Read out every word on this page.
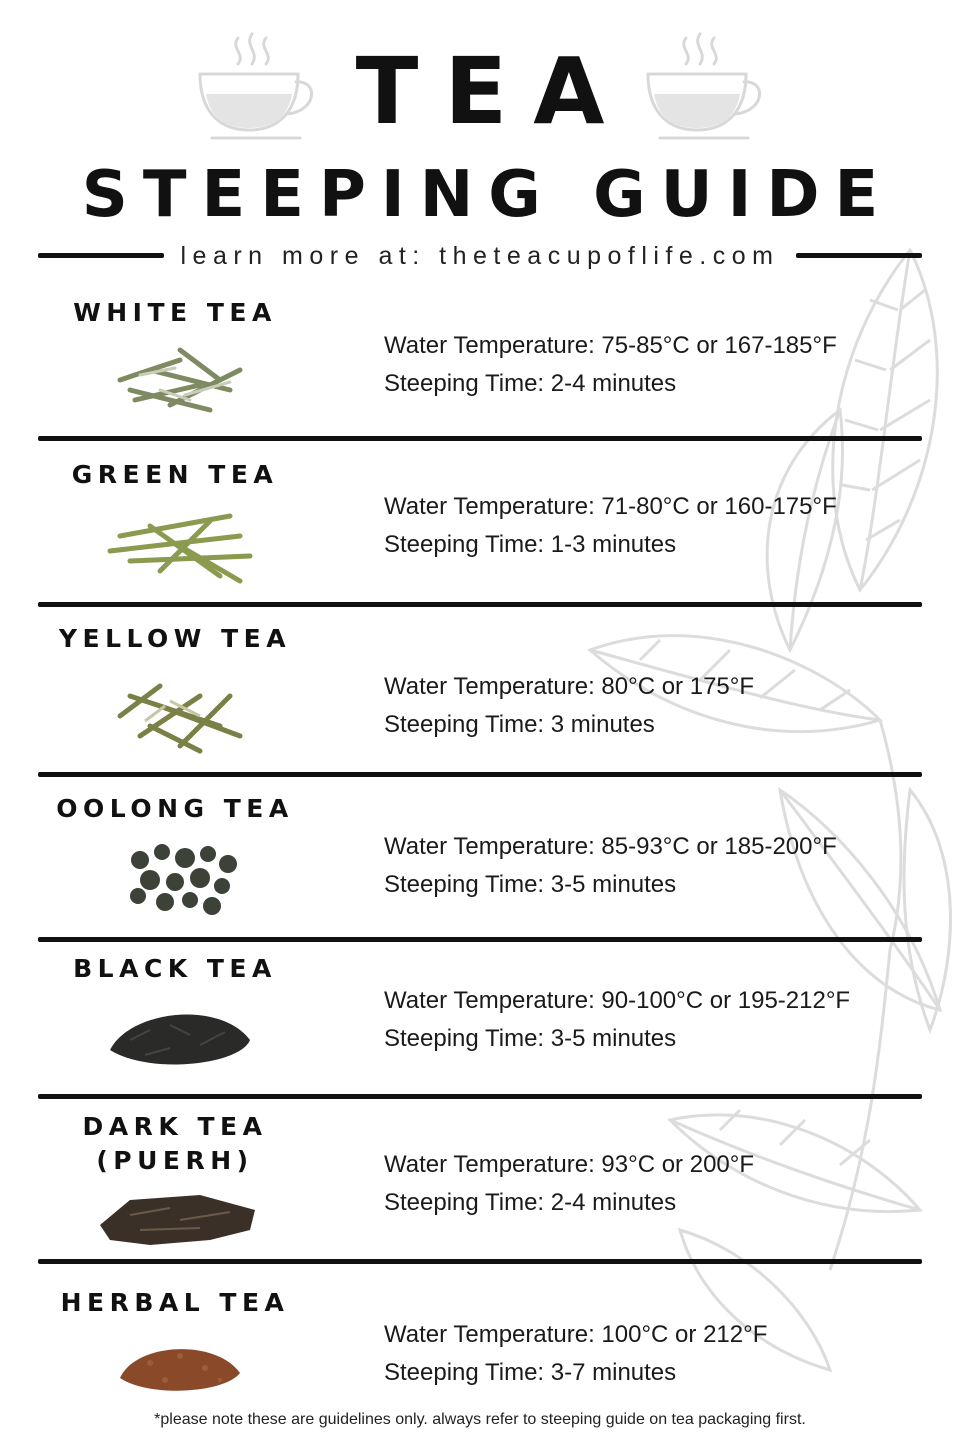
TEA
STEEPING GUIDE
learn more at: theteacupoflife.com
WHITE TEA
Water Temperature: 75-85°C or 167-185°F
Steeping Time: 2-4 minutes
GREEN TEA
Water Temperature: 71-80°C or 160-175°F
Steeping Time: 1-3 minutes
YELLOW TEA
Water Temperature: 80°C or 175°F
Steeping Time: 3 minutes
OOLONG TEA
Water Temperature: 85-93°C or 185-200°F
Steeping Time: 3-5 minutes
BLACK TEA
Water Temperature: 90-100°C or 195-212°F
Steeping Time: 3-5 minutes
DARK TEA
(PUERH)	Water Temperature: 93°C or 200°F
Steeping Time: 2-4 minutes
HERBAL TEA
Water Temperature: 100°C or 212°F
Steeping Time: 3-7 minutes
*please note these are guidelines only. always refer to steeping guide on tea packaging first.
